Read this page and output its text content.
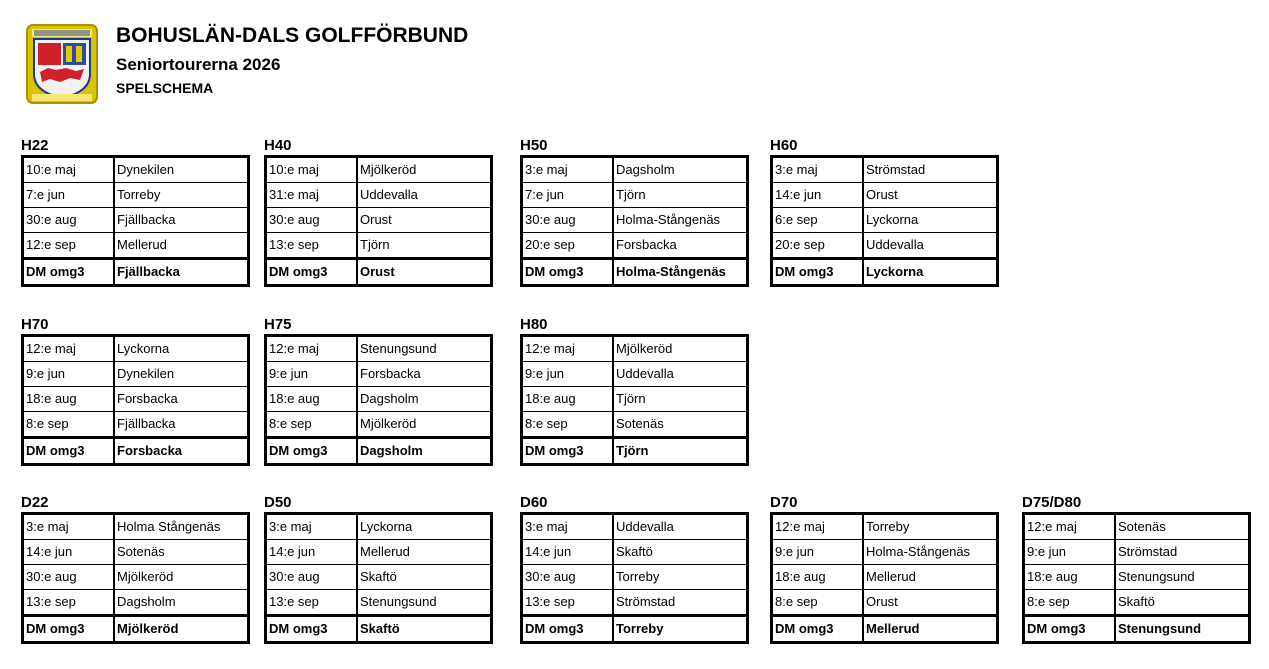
BOHUSLÄN-DALS GOLFFÖRBUND
Seniortourerna 2026
SPELSCHEMA
H22
10:e maj	Dynekilen
7:e jun	Torreby
30:e aug	Fjällbacka
12:e sep	Mellerud
DM omg3	Fjällbacka
H40
10:e maj	Mjölkeröd
31:e maj	Uddevalla
30:e aug	Orust
13:e sep	Tjörn
DM omg3	Orust
H50
3:e maj	Dagsholm
7:e jun	Tjörn
30:e aug	Holma-Stångenäs
20:e sep	Forsbacka
DM omg3	Holma-Stångenäs
H60
3:e maj	Strömstad
14:e jun	Orust
6:e sep	Lyckorna
20:e sep	Uddevalla
DM omg3	Lyckorna
H70
12:e maj	Lyckorna
9:e jun	Dynekilen
18:e aug	Forsbacka
8:e sep	Fjällbacka
DM omg3	Forsbacka
H75
12:e maj	Stenungsund
9:e jun	Forsbacka
18:e aug	Dagsholm
8:e sep	Mjölkeröd
DM omg3	Dagsholm
H80
12:e maj	Mjölkeröd
9:e jun	Uddevalla
18:e aug	Tjörn
8:e sep	Sotenäs
DM omg3	Tjörn
D22
3:e maj	Holma Stångenäs
14:e jun	Sotenäs
30:e aug	Mjölkeröd
13:e sep	Dagsholm
DM omg3	Mjölkeröd
D50
3:e maj	Lyckorna
14:e jun	Mellerud
30:e aug	Skaftö
13:e sep	Stenungsund
DM omg3	Skaftö
D60
3:e maj	Uddevalla
14:e jun	Skaftö
30:e aug	Torreby
13:e sep	Strömstad
DM omg3	Torreby
D70
12:e maj	Torreby
9:e jun	Holma-Stångenäs
18:e aug	Mellerud
8:e sep	Orust
DM omg3	Mellerud
D75/D80
12:e maj	Sotenäs
9:e jun	Strömstad
18:e aug	Stenungsund
8:e sep	Skaftö
DM omg3	Stenungsund
